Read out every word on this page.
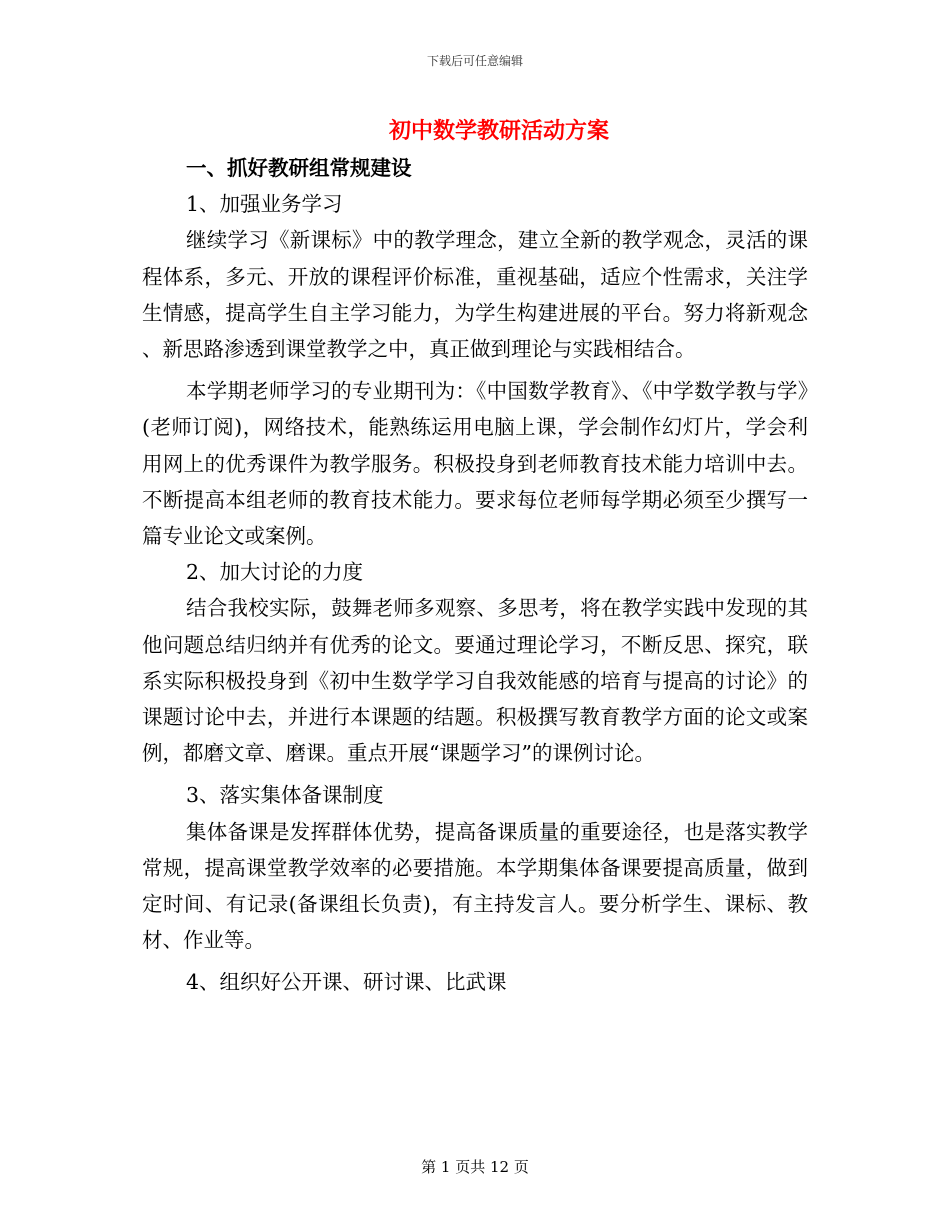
下载后可任意编辑
初中数学教研活动方案

一、抓好教研组常规建设

1、加强业务学习

继续学习《新课标》中的教学理念，建立全新的教学观念，灵活的课程体系，多元、开放的课程评价标准，重视基础，适应个性需求，关注学生情感，提高学生自主学习能力，为学生构建进展的平台。努力将新观念、新思路渗透到课堂教学之中，真正做到理论与实践相结合。

本学期老师学习的专业期刊为：《中国数学教育》、《中学数学教与学》(老师订阅)，网络技术，能熟练运用电脑上课，学会制作幻灯片，学会利用网上的优秀课件为教学服务。积极投身到老师教育技术能力培训中去。不断提高本组老师的教育技术能力。要求每位老师每学期必须至少撰写一篇专业论文或案例。

2、加大讨论的力度

结合我校实际，鼓舞老师多观察、多思考，将在教学实践中发现的其他问题总结归纳并有优秀的论文。要通过理论学习，不断反思、探究，联系实际积极投身到《初中生数学学习自我效能感的培育与提高的讨论》的课题讨论中去，并进行本课题的结题。积极撰写教育教学方面的论文或案例，都磨文章、磨课。重点开展“课题学习”的课例讨论。

3、落实集体备课制度

集体备课是发挥群体优势，提高备课质量的重要途径，也是落实教学常规，提高课堂教学效率的必要措施。本学期集体备课要提高质量，做到定时间、有记录(备课组长负责)，有主持发言人。要分析学生、课标、教材、作业等。

4、组织好公开课、研讨课、比武课

第 1 页共 12 页
